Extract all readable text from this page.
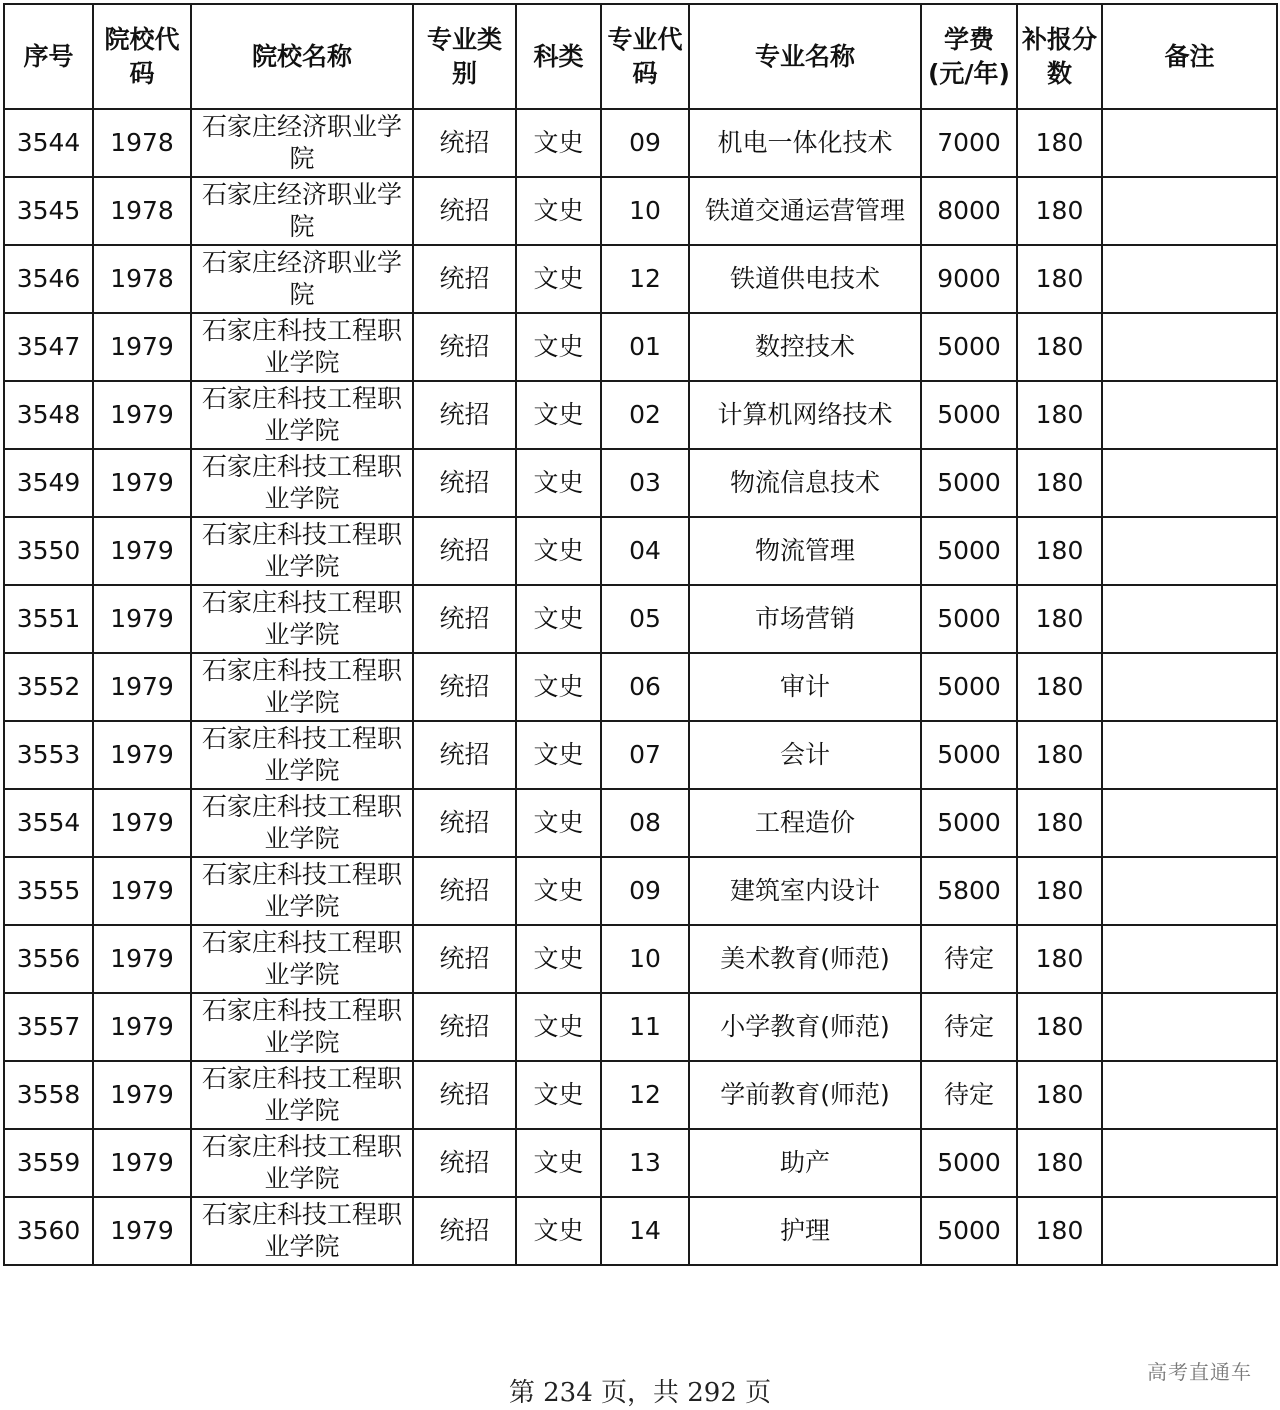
序号	院校代码	院校名称	专业类别	科类	专业代码	专业名称	学费(元/年)	补报分数	备注
3544	1978	石家庄经济职业学院	统招	文史	09	机电一体化技术	7000	180	
3545	1978	石家庄经济职业学院	统招	文史	10	铁道交通运营管理	8000	180	
3546	1978	石家庄经济职业学院	统招	文史	12	铁道供电技术	9000	180	
3547	1979	石家庄科技工程职业学院	统招	文史	01	数控技术	5000	180	
3548	1979	石家庄科技工程职业学院	统招	文史	02	计算机网络技术	5000	180	
3549	1979	石家庄科技工程职业学院	统招	文史	03	物流信息技术	5000	180	
3550	1979	石家庄科技工程职业学院	统招	文史	04	物流管理	5000	180	
3551	1979	石家庄科技工程职业学院	统招	文史	05	市场营销	5000	180	
3552	1979	石家庄科技工程职业学院	统招	文史	06	审计	5000	180	
3553	1979	石家庄科技工程职业学院	统招	文史	07	会计	5000	180	
3554	1979	石家庄科技工程职业学院	统招	文史	08	工程造价	5000	180	
3555	1979	石家庄科技工程职业学院	统招	文史	09	建筑室内设计	5800	180	
3556	1979	石家庄科技工程职业学院	统招	文史	10	美术教育(师范)	待定	180	
3557	1979	石家庄科技工程职业学院	统招	文史	11	小学教育(师范)	待定	180	
3558	1979	石家庄科技工程职业学院	统招	文史	12	学前教育(师范)	待定	180	
3559	1979	石家庄科技工程职业学院	统招	文史	13	助产	5000	180	
3560	1979	石家庄科技工程职业学院	统招	文史	14	护理	5000	180	
第 234 页，共 292 页
高考直通车
